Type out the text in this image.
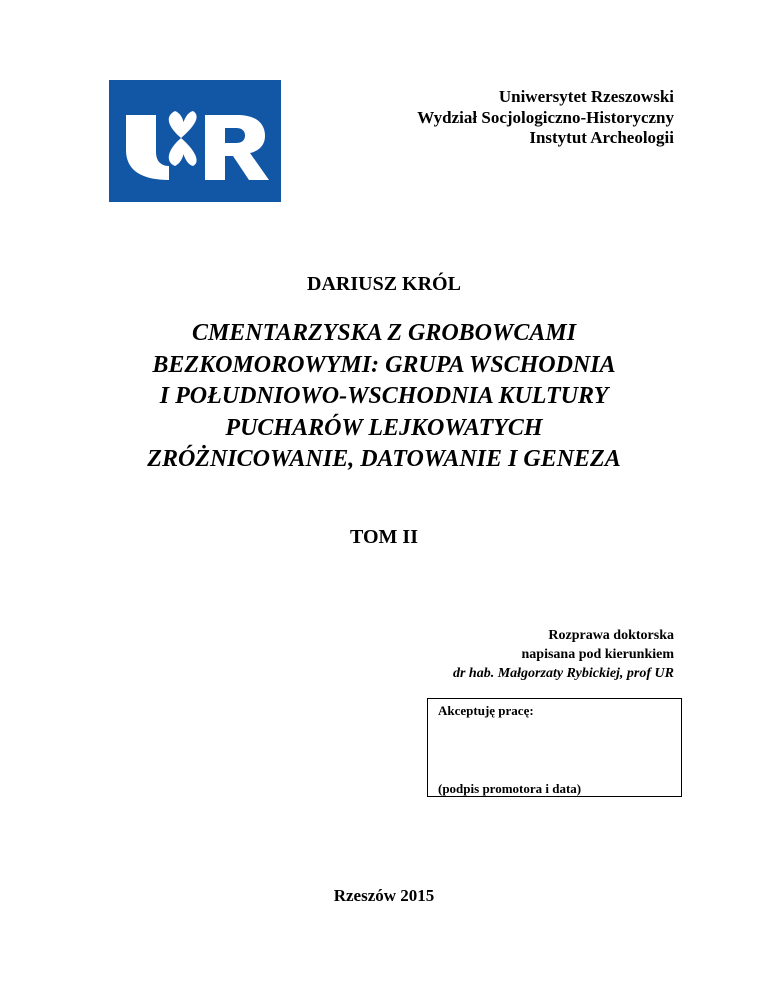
Uniwersytet Rzeszowski
Wydział Socjologiczno-Historyczny
Instytut Archeologii
DARIUSZ KRÓL
CMENTARZYSKA Z GROBOWCAMI
BEZKOMOROWYMI: GRUPA WSCHODNIA
I POŁUDNIOWO-WSCHODNIA KULTURY
PUCHARÓW LEJKOWATYCH
ZRÓŻNICOWANIE, DATOWANIE I GENEZA
TOM II
Rozprawa doktorska
napisana pod kierunkiem
dr hab. Małgorzaty Rybickiej, prof UR
Akceptuję pracę:
(podpis promotora i data)
Rzeszów 2015
